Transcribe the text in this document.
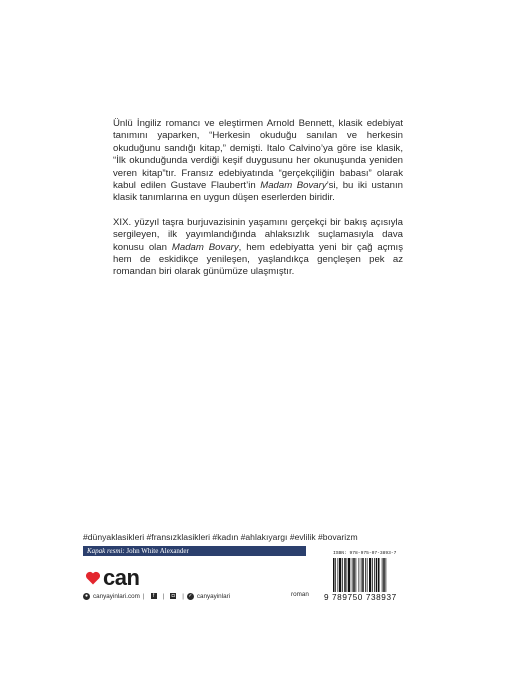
Ünlü İngiliz romancı ve eleştirmen Arnold Bennett, klasik edebiyat tanımını yaparken, “Herkesin okuduğu sanılan ve herkesin okuduğunu sandığı kitap,” demişti. Italo Calvino’ya göre ise klasik, “İlk okunduğunda verdiği keşif duygusunu her okunuşunda yeniden veren kitap”tır. Fransız edebiyatında “gerçekçiliğin babası” olarak kabul edilen Gustave Flaubert’in Madam Bovary’si, bu iki ustanın klasik tanımlarına en uygun düşen eserlerden biridir.

XIX. yüzyıl taşra burjuvazisinin yaşamını gerçekçi bir bakış açısıyla sergileyen, ilk yayımlandığında ahlaksızlık suçlamasıyla dava konusu olan Madam Bovary, hem edebiyatta yeni bir çağ açmış hem de eskidikçe yenileşen, yaşlandıkça gençleşen pek az romandan biri olarak günümüze ulaşmıştır.

#dünyaklasikleri #fransızklasikleri #kadın #ahlakıyargı #evlilik #bovarizm
Kapak resmi: John White Alexander
can
● canyayinlari.com |	f	| ◘ | ✓ canyayinlari	roman
ISBN: 978-975-07-3893-7
9 789750 738937
